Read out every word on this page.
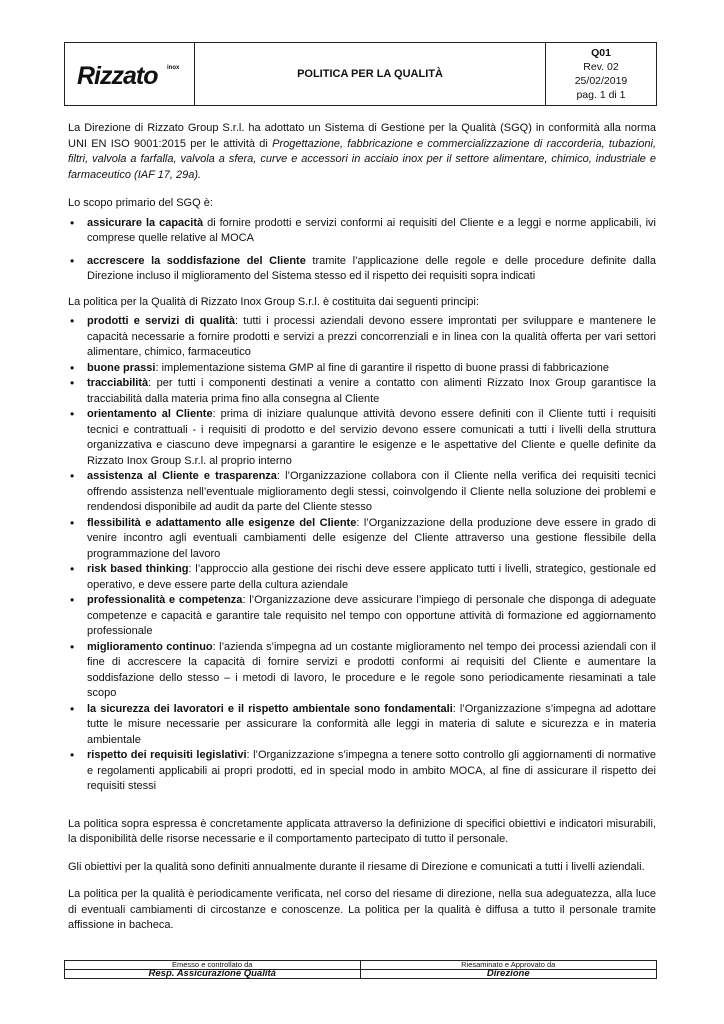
Rizzato inox	POLITICA PER LA QUALITÀ
Q01
Rev. 02
25/02/2019
pag. 1 di 1

La Direzione di Rizzato Group S.r.l. ha adottato un Sistema di Gestione per la Qualità (SGQ) in conformità alla norma UNI EN ISO 9001:2015 per le attività di Progettazione, fabbricazione e commercializzazione di raccorderia, tubazioni, filtri, valvola a farfalla, valvola a sfera, curve e accessori in acciaio inox per il settore alimentare, chimico, industriale e farmaceutico (IAF 17, 29a).

Lo scopo primario del SGQ è:

• assicurare la capacità di fornire prodotti e servizi conformi ai requisiti del Cliente e a leggi e norme applicabili, ivi comprese quelle relative al MOCA
• accrescere la soddisfazione del Cliente tramite l’applicazione delle regole e delle procedure definite dalla Direzione incluso il miglioramento del Sistema stesso ed il rispetto dei requisiti sopra indicati

La politica per la Qualità di Rizzato Inox Group S.r.l. è costituita dai seguenti principi:

• prodotti e servizi di qualità: tutti i processi aziendali devono essere improntati per sviluppare e mantenere le capacità necessarie a fornire prodotti e servizi a prezzi concorrenziali e in linea con la qualità offerta per vari settori alimentare, chimico, farmaceutico
• buone prassi: implementazione sistema GMP al fine di garantire il rispetto di buone prassi di fabbricazione
• tracciabilità: per tutti i componenti destinati a venire a contatto con alimenti Rizzato Inox Group garantisce la tracciabilità dalla materia prima fino alla consegna al Cliente
• orientamento al Cliente: prima di iniziare qualunque attività devono essere definiti con il Cliente tutti i requisiti tecnici e contrattuali - i requisiti di prodotto e del servizio devono essere comunicati a tutti i livelli della struttura organizzativa e ciascuno deve impegnarsi a garantire le esigenze e le aspettative del Cliente e quelle definite da Rizzato Inox Group S.r.l. al proprio interno
• assistenza al Cliente e trasparenza: l’Organizzazione collabora con il Cliente nella verifica dei requisiti tecnici offrendo assistenza nell’eventuale miglioramento degli stessi, coinvolgendo il Cliente nella soluzione dei problemi e rendendosi disponibile ad audit da parte del Cliente stesso
• flessibilità e adattamento alle esigenze del Cliente: l’Organizzazione della produzione deve essere in grado di venire incontro agli eventuali cambiamenti delle esigenze del Cliente attraverso una gestione flessibile della programmazione del lavoro
• risk based thinking: l’approccio alla gestione dei rischi deve essere applicato tutti i livelli, strategico, gestionale ed operativo, e deve essere parte della cultura aziendale
• professionalità e competenza: l’Organizzazione deve assicurare l’impiego di personale che disponga di adeguate competenze e capacità e garantire tale requisito nel tempo con opportune attività di formazione ed aggiornamento professionale
• miglioramento continuo: l’azienda s’impegna ad un costante miglioramento nel tempo dei processi aziendali con il fine di accrescere la capacità di fornire servizi e prodotti conformi ai requisiti del Cliente e aumentare la soddisfazione dello stesso – i metodi di lavoro, le procedure e le regole sono periodicamente riesaminati a tale scopo
• la sicurezza dei lavoratori e il rispetto ambientale sono fondamentali: l’Organizzazione s’impegna ad adottare tutte le misure necessarie per assicurare la conformità alle leggi in materia di salute e sicurezza e in materia ambientale
• rispetto dei requisiti legislativi: l’Organizzazione s’impegna a tenere sotto controllo gli aggiornamenti di normative e regolamenti applicabili ai propri prodotti, ed in special modo in ambito MOCA, al fine di assicurare il rispetto dei requisiti stessi

La politica sopra espressa è concretamente applicata attraverso la definizione di specifici obiettivi e indicatori misurabili, la disponibilità delle risorse necessarie e il comportamento partecipato di tutto il personale.

Gli obiettivi per la qualità sono definiti annualmente durante il riesame di Direzione e comunicati a tutti i livelli aziendali.

La politica per la qualità è periodicamente verificata, nel corso del riesame di direzione, nella sua adeguatezza, alla luce di eventuali cambiamenti di circostanze e conoscenze. La politica per la qualità è diffusa a tutto il personale tramite affissione in bacheca.

Emesso e controllato da
Resp. Assicurazione Qualità
Riesaminato e Approvato da
Direzione
